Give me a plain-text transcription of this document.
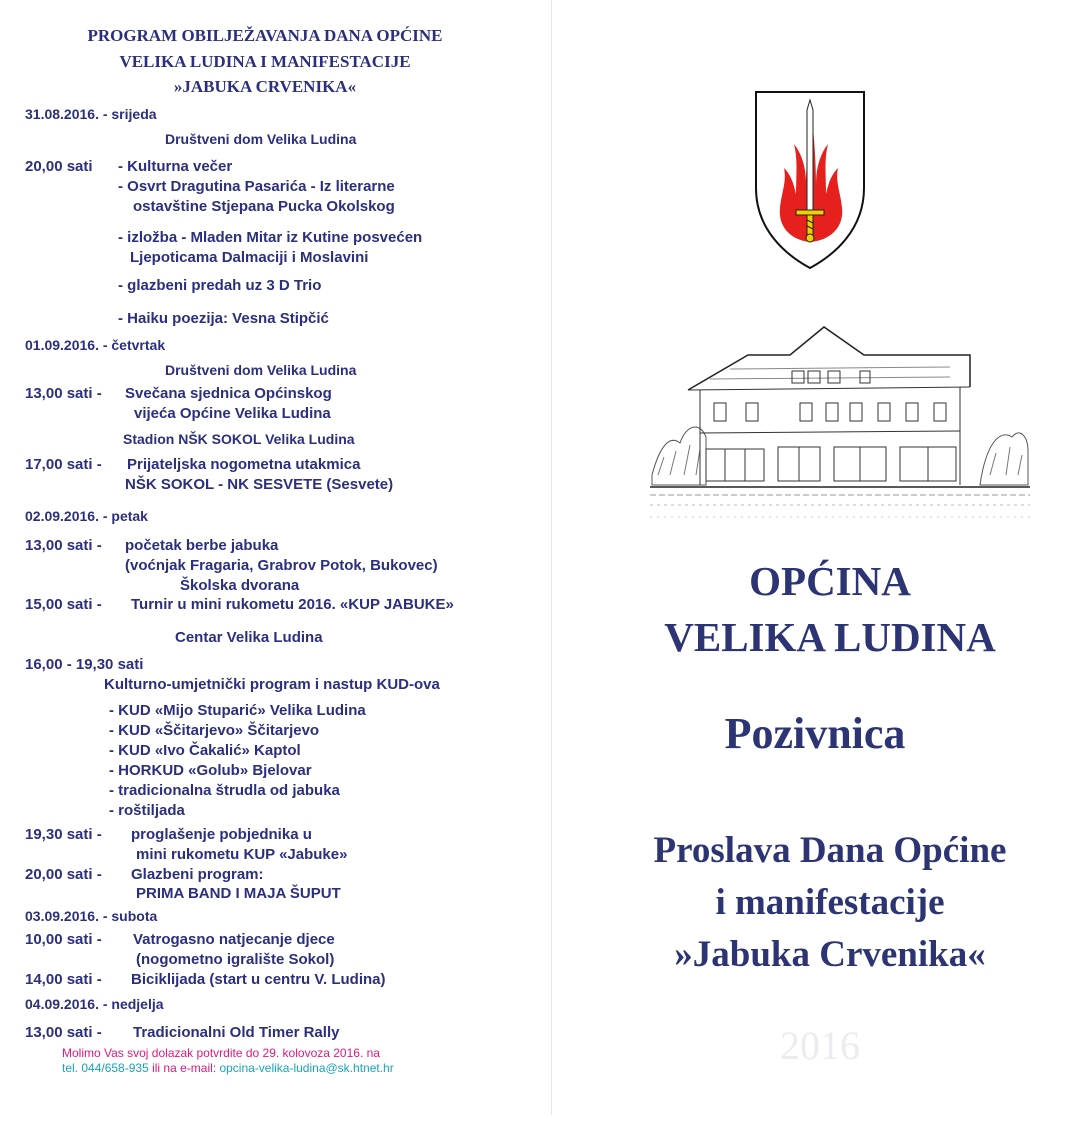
PROGRAM OBILJEŽAVANJA DANA OPĆINE
VELIKA LUDINA I MANIFESTACIJE
»JABUKA CRVENIKA«
31.08.2016. - srijeda
Društveni dom Velika Ludina
20,00 sati - Kulturna večer
- Osvrt Dragutina Pasarića - Iz literarne
ostavštine Stjepana Pucka Okolskog
- izložba - Mladen Mitar iz Kutine posvećen
Ljepoticama Dalmaciji i Moslavini
- glazbeni predah uz 3 D Trio
- Haiku poezija: Vesna Stipčić
01.09.2016. - četvrtak
Društveni dom Velika Ludina
13,00 sati - Svečana sjednica Općinskog
vijeća Općine Velika Ludina
Stadion NŠK SOKOL Velika Ludina
17,00 sati - Prijateljska nogometna utakmica
NŠK SOKOL - NK SESVETE (Sesvete)
02.09.2016. - petak
13,00 sati - početak berbe jabuka
(voćnjak Fragaria, Grabrov Potok, Bukovec)
Školska dvorana
15,00 sati - Turnir u mini rukometu 2016. «KUP JABUKE»
Centar Velika Ludina
16,00 - 19,30 sati
Kulturno-umjetnički program i nastup KUD-ova
- KUD «Mijo Stuparić» Velika Ludina
- KUD «Ščitarjevo» Ščitarjevo
- KUD «Ivo Čakalić» Kaptol
- HORKUD «Golub» Bjelovar
- tradicionalna štrudla od jabuka
- roštiljada
19,30 sati - proglašenje pobjednika u
mini rukometu KUP «Jabuke»
20,00 sati - Glazbeni program:
PRIMA BAND I MAJA ŠUPUT
03.09.2016. - subota
10,00 sati - Vatrogasno natjecanje djece
(nogometno igralište Sokol)
14,00 sati - Biciklijada (start u centru V. Ludina)
04.09.2016. - nedjelja
13,00 sati - Tradicionalni Old Timer Rally
Molimo Vas svoj dolazak potvrdite do 29. kolovoza 2016. na
tel. 044/658-935 ili na e-mail: opcina-velika-ludina@sk.htnet.hr
OPĆINA
VELIKA LUDINA
Pozivnica
Proslava Dana Općine
i manifestacije
»Jabuka Crvenika«
2016
